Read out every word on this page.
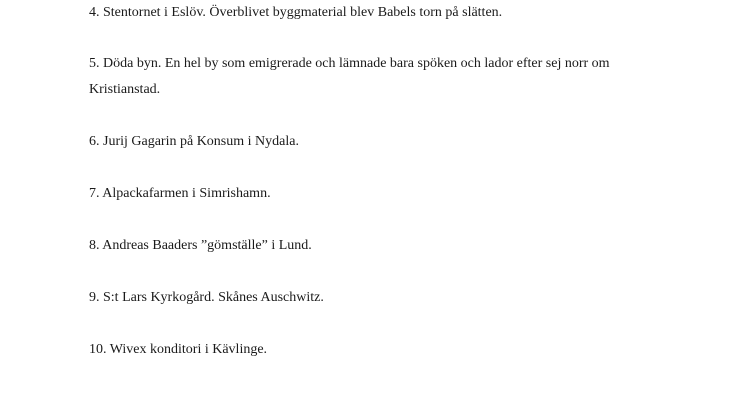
4. Stentornet i Eslöv. Överblivet byggmaterial blev Babels torn på slätten.

5. Döda byn. En hel by som emigrerade och lämnade bara spöken och lador efter sej norr om
Kristianstad.

6. Jurij Gagarin på Konsum i Nydala.

7. Alpackafarmen i Simrishamn.

8. Andreas Baaders ”gömställe” i Lund.

9. S:t Lars Kyrkogård. Skånes Auschwitz.

10. Wivex konditori i Kävlinge.
